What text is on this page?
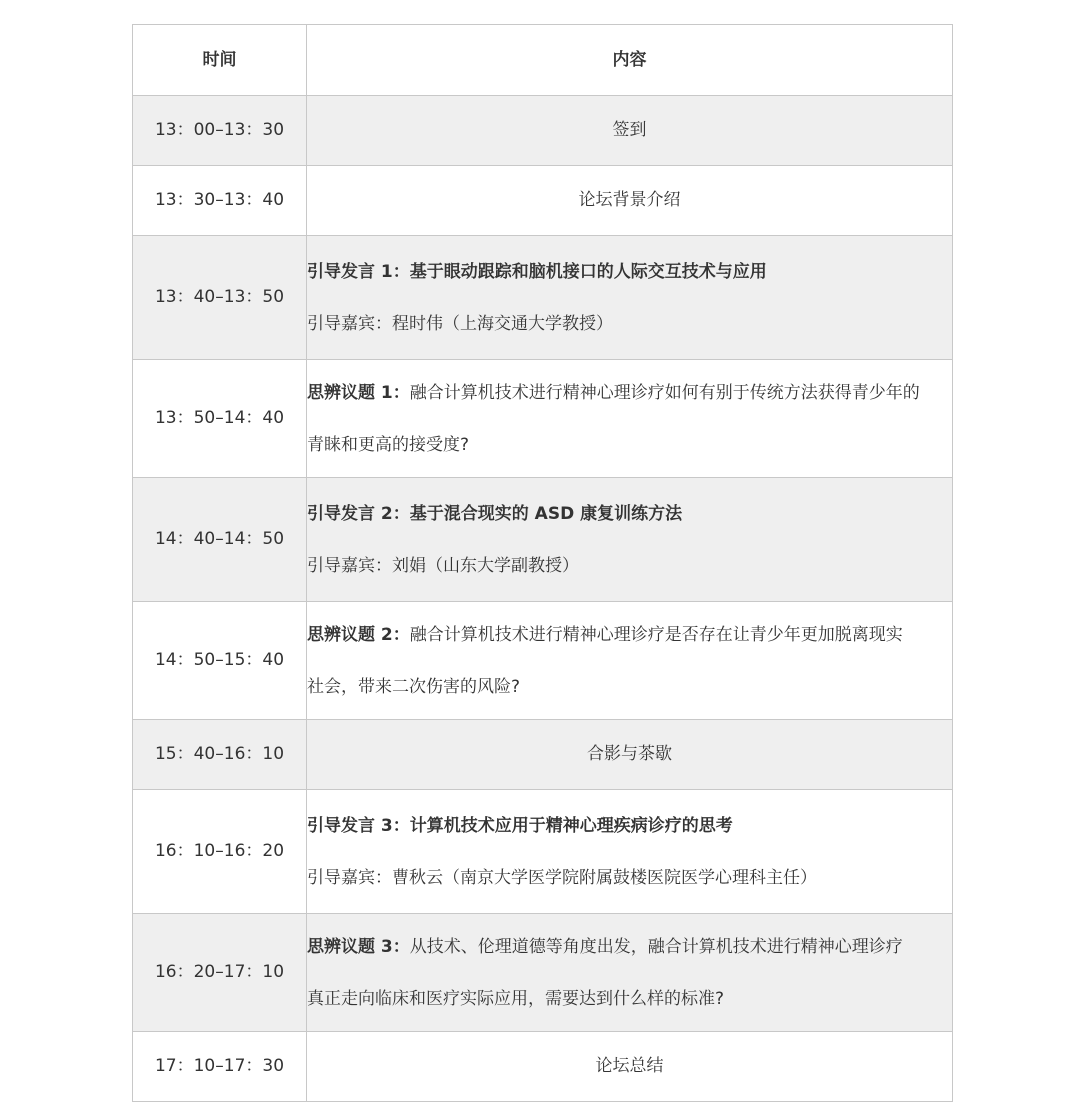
时间	内容
13：00–13：30	签到
13：30–13：40	论坛背景介绍
13：40–13：50	引导发言 1：基于眼动跟踪和脑机接口的人际交互技术与应用
引导嘉宾：程时伟（上海交通大学教授）

13：50–14：40	思辨议题 1：融合计算机技术进行精神心理诊疗如何有别于传统方法获得青少年的
青睐和更高的接受度?

14：40–14：50	引导发言 2：基于混合现实的 ASD 康复训练方法
引导嘉宾：刘娟（山东大学副教授）

14：50–15：40	思辨议题 2：融合计算机技术进行精神心理诊疗是否存在让青少年更加脱离现实
社会，带来二次伤害的风险?

15：40–16：10	合影与茶歇
16：10–16：20	引导发言 3：计算机技术应用于精神心理疾病诊疗的思考
引导嘉宾：曹秋云（南京大学医学院附属鼓楼医院医学心理科主任）

16：20–17：10	思辨议题 3：从技术、伦理道德等角度出发，融合计算机技术进行精神心理诊疗
真正走向临床和医疗实际应用，需要达到什么样的标准?

17：10–17：30	论坛总结
